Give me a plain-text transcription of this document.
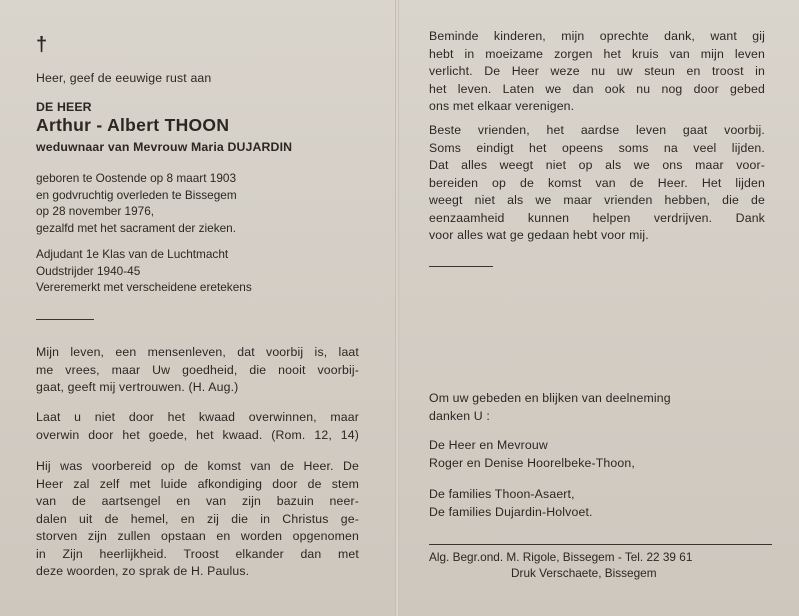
†

Heer, geef de eeuwige rust aan

DE HEER

Arthur - Albert THOON

weduwnaar van Mevrouw Maria DUJARDIN

geboren te Oostende op 8 maart 1903
en godvruchtig overleden te Bissegem
op 28 november 1976,
gezalfd met het sacrament der zieken.
Adjudant 1e Klas van de Luchtmacht
Oudstrijder 1940-45
Vereremerkt met verscheidene eretekens
Mijn leven, een mensenleven, dat voorbij is, laat
me vrees, maar Uw goedheid, die nooit voorbij-
gaat, geeft mij vertrouwen. (H. Aug.)
Laat u niet door het kwaad overwinnen, maar
overwin door het goede, het kwaad. (Rom. 12, 14)
Hij was voorbereid op de komst van de Heer. De
Heer zal zelf met luide afkondiging door de stem
van de aartsengel en van zijn bazuin neer-
dalen uit de hemel, en zij die in Christus ge-
storven zijn zullen opstaan en worden opgenomen
in Zijn heerlijkheid. Troost elkander dan met
deze woorden, zo sprak de H. Paulus.
Beminde kinderen, mijn oprechte dank, want gij
hebt in moeizame zorgen het kruis van mijn leven
verlicht. De Heer weze nu uw steun en troost in
het leven. Laten we dan ook nu nog door gebed
ons met elkaar verenigen.
Beste vrienden, het aardse leven gaat voorbij.
Soms eindigt het opeens soms na veel lijden.
Dat alles weegt niet op als we ons maar voor-
bereiden op de komst van de Heer. Het lijden
weegt niet als we maar vrienden hebben, die de
eenzaamheid kunnen helpen verdrijven. Dank
voor alles wat ge gedaan hebt voor mij.
Om uw gebeden en blijken van deelneming
danken U :
De Heer en Mevrouw
Roger en Denise Hoorelbeke-Thoon,
De families Thoon-Asaert,
De families Dujardin-Holvoet.

Alg. Begr.ond. M. Rigole, Bissegem - Tel. 22 39 61

Druk Verschaete, Bissegem
